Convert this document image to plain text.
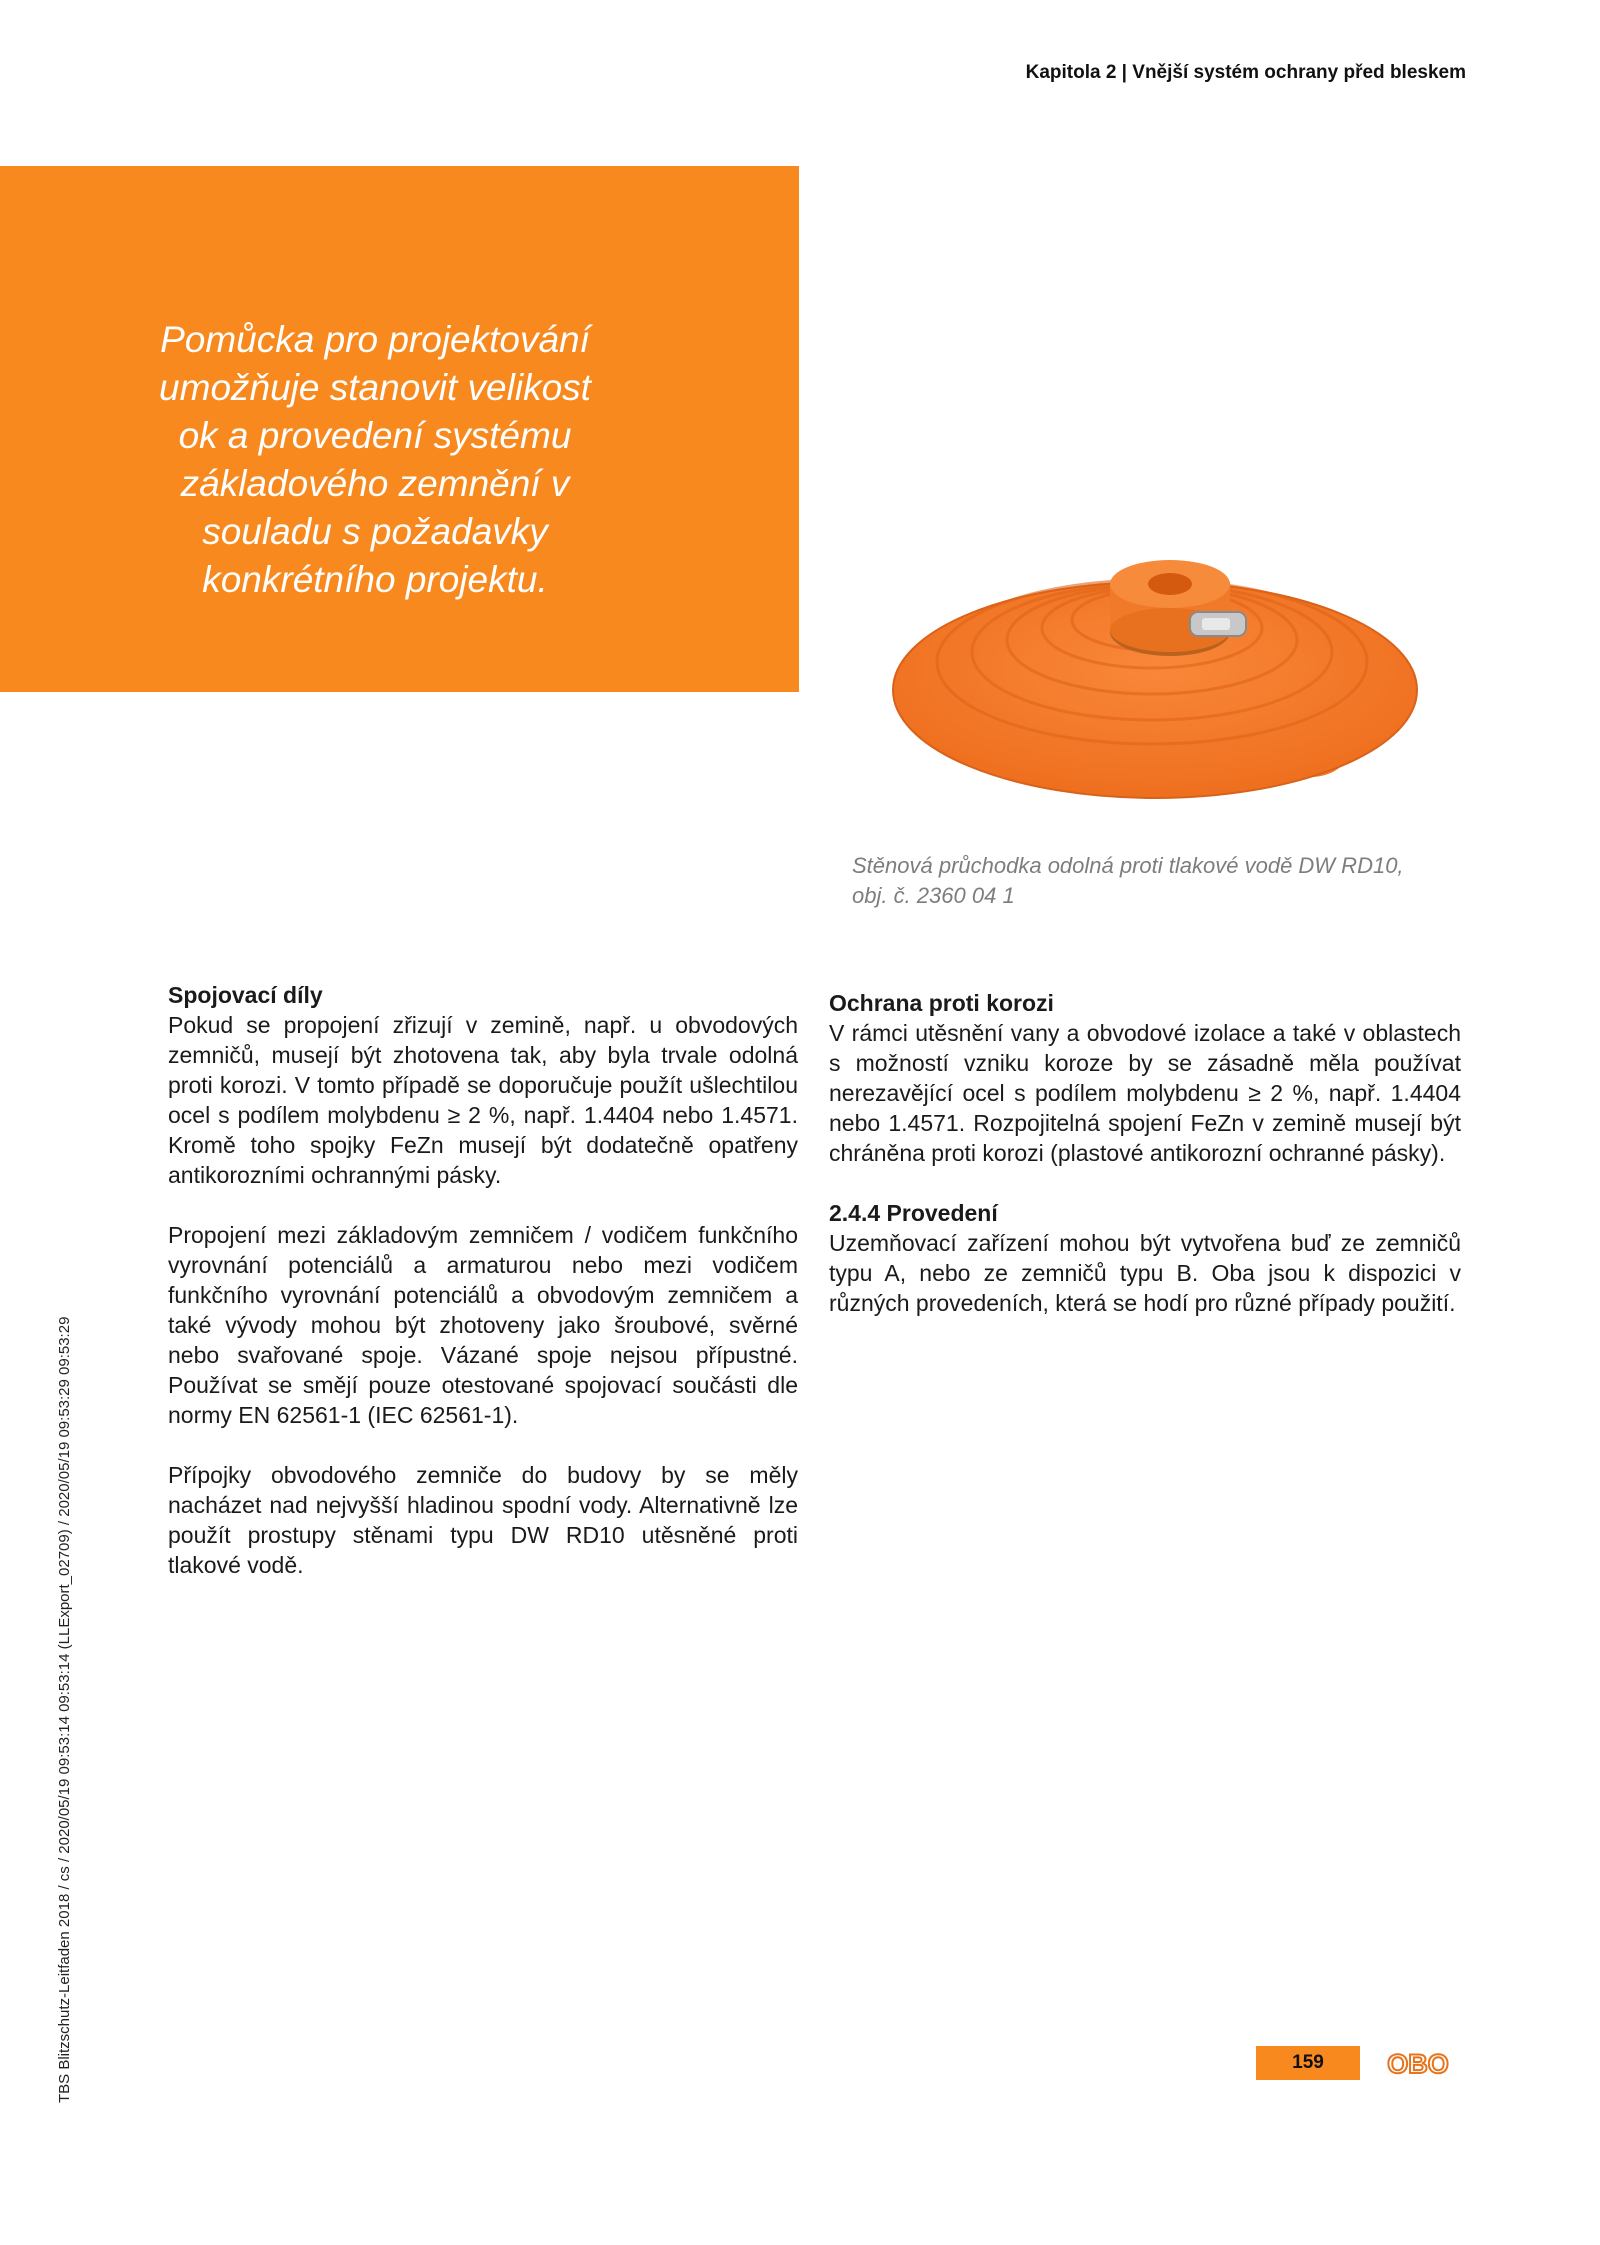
Kapitola 2 | Vnější systém ochrany před bleskem
Pomůcka pro projektování umožňuje stanovit velikost ok a provedení systému základového zemnění v souladu s požadavky konkrétního projektu.
Stěnová průchodka odolná proti tlakové vodě DW RD10,
obj. č. 2360 04 1

Spojovací díly

Pokud se propojení zřizují v zemině, např. u obvodových zemničů, musejí být zhotovena tak, aby byla trvale odolná proti korozi. V tomto případě se doporučuje použít ušlechtilou ocel s podílem molybdenu ≥ 2 %, např. 1.4404 nebo 1.4571. Kromě toho spojky FeZn musejí být dodatečně opatřeny antikorozními ochrannými pásky.

Propojení mezi základovým zemničem / vodičem funkčního vyrovnání potenciálů a armaturou nebo mezi vodičem funkčního vyrovnání potenciálů a obvodovým zemničem a také vývody mohou být zhotoveny jako šroubové, svěrné nebo svařované spoje. Vázané spoje nejsou přípustné. Používat se smějí pouze otestované spojovací součásti dle normy EN 62561-1 (IEC 62561-1).

Přípojky obvodového zemniče do budovy by se měly nacházet nad nejvyšší hladinou spodní vody. Alternativně lze použít prostupy stěnami typu DW RD10 utěsněné proti tlakové vodě.

Ochrana proti korozi

V rámci utěsnění vany a obvodové izolace a také v oblastech s možností vzniku koroze by se zásadně měla používat nerezavějící ocel s podílem molybdenu ≥ 2 %, např. 1.4404 nebo 1.4571. Rozpojitelná spojení FeZn v zemině musejí být chráněna proti korozi (plastové antikorozní ochranné pásky).

2.4.4 Provedení

Uzemňovací zařízení mohou být vytvořena buď ze zemničů typu A, nebo ze zemničů typu B. Oba jsou k dispozici v různých provedeních, která se hodí pro různé případy použití.

TBS Blitzschutz-Leitfaden 2018 / cs / 2020/05/19 09:53:14 09:53:14 (LLExport_02709) / 2020/05/19 09:53:29 09:53:29	159	OBO
